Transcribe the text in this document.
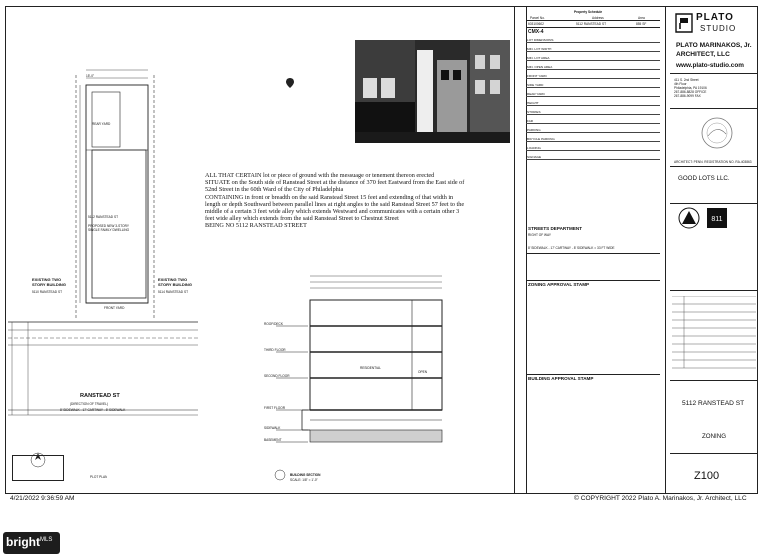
15'-0"
REAR YARD
5112 RANSTEAD ST
PROPOSED NEW 3-STORY SINGLE FAMILY DWELLING
FRONT YARD
EXISTING TWO STORY BUILDING
5110 RANSTEAD ST
EXISTING TWO STORY BUILDING
5114 RANSTEAD ST
RANSTEAD ST
(DIRECTION OF TRAVEL)
8' SIDEWALK - 17' CARTWAY - 8' SIDEWALK
PLOT PLAN

ALL THAT CERTAIN lot or piece of ground with the messuage or tenement thereon erected

SITUATE on the South side of Ranstead Street at the distance of 370 feet Eastward from the East side of

52nd Street in the 60th Ward of the City of Philadelphia

CONTAINING in front or breadth on the said Ranstead Street 15 feet and extending of that width in

length or depth Southward between parallel lines at right angles to the said Ranstead Street 57 feet to the

middle of a certain 3 feet wide alley which extends Westward and communicates with a certain other 3

feet wide alley which extends from the said Ranstead Street to Chestnut Street

BEING NO 5112 RANSTEAD STREET

ROOF/DECK
THIRD FLOOR
SECOND FLOOR
FIRST FLOOR
SIDEWALK
BASEMENT
RESIDENTIAL
OPEN
BUILDING SECTION
SCALE: 1/8" = 1'-0"
Property Schedule
Parcel No.	Address	Area
603100602	5112 RANSTEAD ST	855 SF
CMX-4
LOT DIMENSIONS
MIN. LOT WIDTH
MIN. LOT AREA
MIN. OPEN AREA
FRONT YARD
SIDE YARD
REAR YARD
HEIGHT
STORIES
FAR
PARKING
BICYCLE PARKING
LOADING
SIGNAGE
STREETS DEPARTMENT
RIGHT OF WAY
8' SIDEWALK - 17' CARTWAY - 8' SIDEWALK = 33 FT WIDE
ZONING APPROVAL STAMP
BUILDING APPROVAL STAMP
PLATO
STUDIO
PLATO MARINAKOS, Jr.
ARCHITECT, LLC
www.plato-studio.com
411 S. 2nd Street
4th Floor
Philadelphia, PA 19106
267-886-8828 OFFICE
267-886-9099 FAX
ARCHITECT: PENN. REGISTRATION NO. RA-403863
GOOD LOTS LLC.
811
5112 RANSTEAD ST
ZONING
Z100
4/21/2022 9:36:59 AM	© COPYRIGHT 2022 Plato A. Marinakos, Jr. Architect, LLC
bright$^{MLS}$
